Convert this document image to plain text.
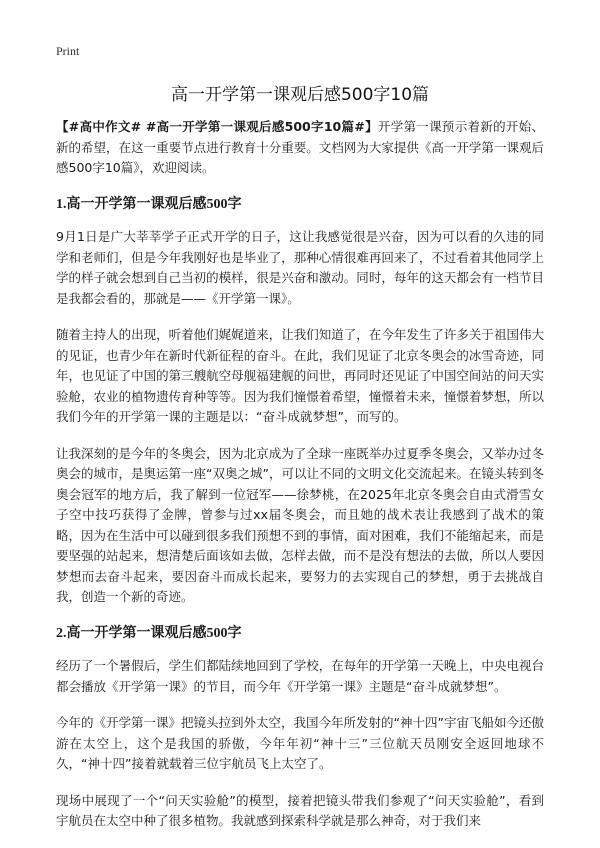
Print
高一开学第一课观后感500字10篇

【#高中作文# #高一开学第一课观后感500字10篇#】开学第一课预示着新的开始、新的希望，在这一重要节点进行教育十分重要。文档网为大家提供《高一开学第一课观后感500字10篇》，欢迎阅读。

1.高一开学第一课观后感500字

9月1日是广大莘莘学子正式开学的日子，这让我感觉很是兴奋，因为可以看的久违的同学和老师们，但是今年我刚好也是毕业了，那种心情很难再回来了，不过看着其他同学上学的样子就会想到自己当初的模样，很是兴奋和激动。同时，每年的这天都会有一档节目是我都会看的，那就是——《开学第一课》。

随着主持人的出现，听着他们娓娓道来，让我们知道了，在今年发生了许多关于祖国伟大的见证，也青少年在新时代新征程的奋斗。在此，我们见证了北京冬奥会的冰雪奇迹，同年，也见证了中国的第三艘航空母舰福建舰的问世，再同时还见证了中国空间站的问天实验舱，农业的植物遗传育种等等。因为我们憧憬着希望，憧憬着未来，憧憬着梦想，所以我们今年的开学第一课的主题是以：“奋斗成就梦想”，而写的。

让我深刻的是今年的冬奥会，因为北京成为了全球一座既举办过夏季冬奥会，又举办过冬奥会的城市，是奥运第一座“双奥之城”，可以让不同的文明文化交流起来。在镜头转到冬奥会冠军的地方后，我了解到一位冠军——徐梦桃，在2025年北京冬奥会自由式滑雪女子空中技巧获得了金牌，曾参与过xx届冬奥会，而且她的战术表让我感到了战术的策略，因为在生活中可以碰到很多我们预想不到的事情，面对困难，我们不能缩起来，而是要坚强的站起来，想清楚后面该如去做，怎样去做，而不是没有想法的去做，所以人要因梦想而去奋斗起来，要因奋斗而成长起来，要努力的去实现自己的梦想，勇于去挑战自我，创造一个新的奇迹。

2.高一开学第一课观后感500字

经历了一个暑假后，学生们都陆续地回到了学校，在每年的开学第一天晚上，中央电视台都会播放《开学第一课》的节目，而今年《开学第一课》主题是“奋斗成就梦想”。

今年的《开学第一课》把镜头拉到外太空，我国今年所发射的“神十四”宇宙飞船如今还傲游在太空上，这个是我国的骄傲，今年年初“神十三”三位航天员刚安全返回地球不久，“神十四”接着就载着三位宇航员飞上太空了。

现场中展现了一个“问天实验舱”的模型，接着把镜头带我们参观了“问天实验舱”，看到宇航员在太空中种了很多植物。我就感到探索科学就是那么神奇，对于我们来
